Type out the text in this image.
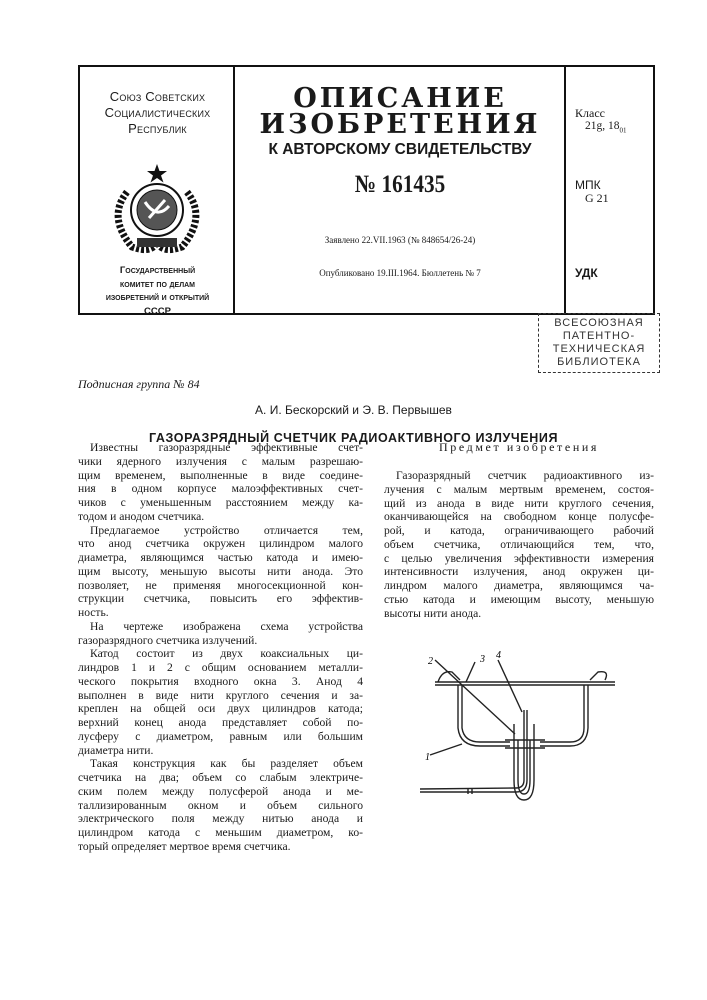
Союз Советских
Социалистических
Республик
Государственный
комитет по делам
изобретений и открытий
СССР
ОПИСАНИЕ
ИЗОБРЕТЕНИЯ
К АВТОРСКОМУ СВИДЕТЕЛЬСТВУ
№ 161435
Заявлено 22.VII.1963 (№ 848654/26-24)
Опубликовано 19.III.1964. Бюллетень № 7
Класс
21g, 1801
МПК
G 21
УДК
ВСЕСОЮЗНАЯ
ПАТЕНТНО-
ТЕХНИЧЕСКАЯ
БИБЛИОТЕКА
Подписная группа № 84
А. И. Бескорский и Э. В. Первышев
ГАЗОРАЗРЯДНЫЙ СЧЕТЧИК РАДИОАКТИВНОГО ИЗЛУЧЕНИЯ
Известны газоразрядные эффективные счет-
чики ядерного излучения с малым разрешаю-
щим временем, выполненные в виде соедине-
ния в одном корпусе малоэффективных счет-
чиков с уменьшенным расстоянием между ка-
тодом и анодом счетчика.
Предлагаемое устройство отличается тем,
что анод счетчика окружен цилиндром малого
диаметра, являющимся частью катода и имею-
щим высоту, меньшую высоты нити анода. Это
позволяет, не применяя многосекционной кон-
струкции счетчика, повысить его эффектив-
ность.
На чертеже изображена схема устройства
газоразрядного счетчика излучений.
Катод состоит из двух коаксиальных ци-
линдров 1 и 2 с общим основанием металли-
ческого покрытия входного окна 3. Анод 4
выполнен в виде нити круглого сечения и за-
креплен на общей оси двух цилиндров катода;
верхний конец анода представляет собой по-
лусферу с диаметром, равным или большим
диаметра нити.
Такая конструкция как бы разделяет объем
счетчика на два; объем со слабым электриче-
ским полем между полусферой анода и ме-
таллизированным окном и объем сильного
электрического поля между нитью анода и
цилиндром катода с меньшим диаметром, ко-
торый определяет мертвое время счетчика.
Предмет изобретения
Газоразрядный счетчик радиоактивного из-
лучения с малым мертвым временем, состоя-
щий из анода в виде нити круглого сечения,
оканчивающейся на свободном конце полусфе-
рой, и катода, ограничивающего рабочий
объем счетчика, отличающийся тем, что,
с целью увеличения эффективности измерения
интенсивности излучения, анод окружен ци-
линдром малого диаметра, являющимся ча-
стью катода и имеющим высоту, меньшую
высоты нити анода.
3 4
2
1
